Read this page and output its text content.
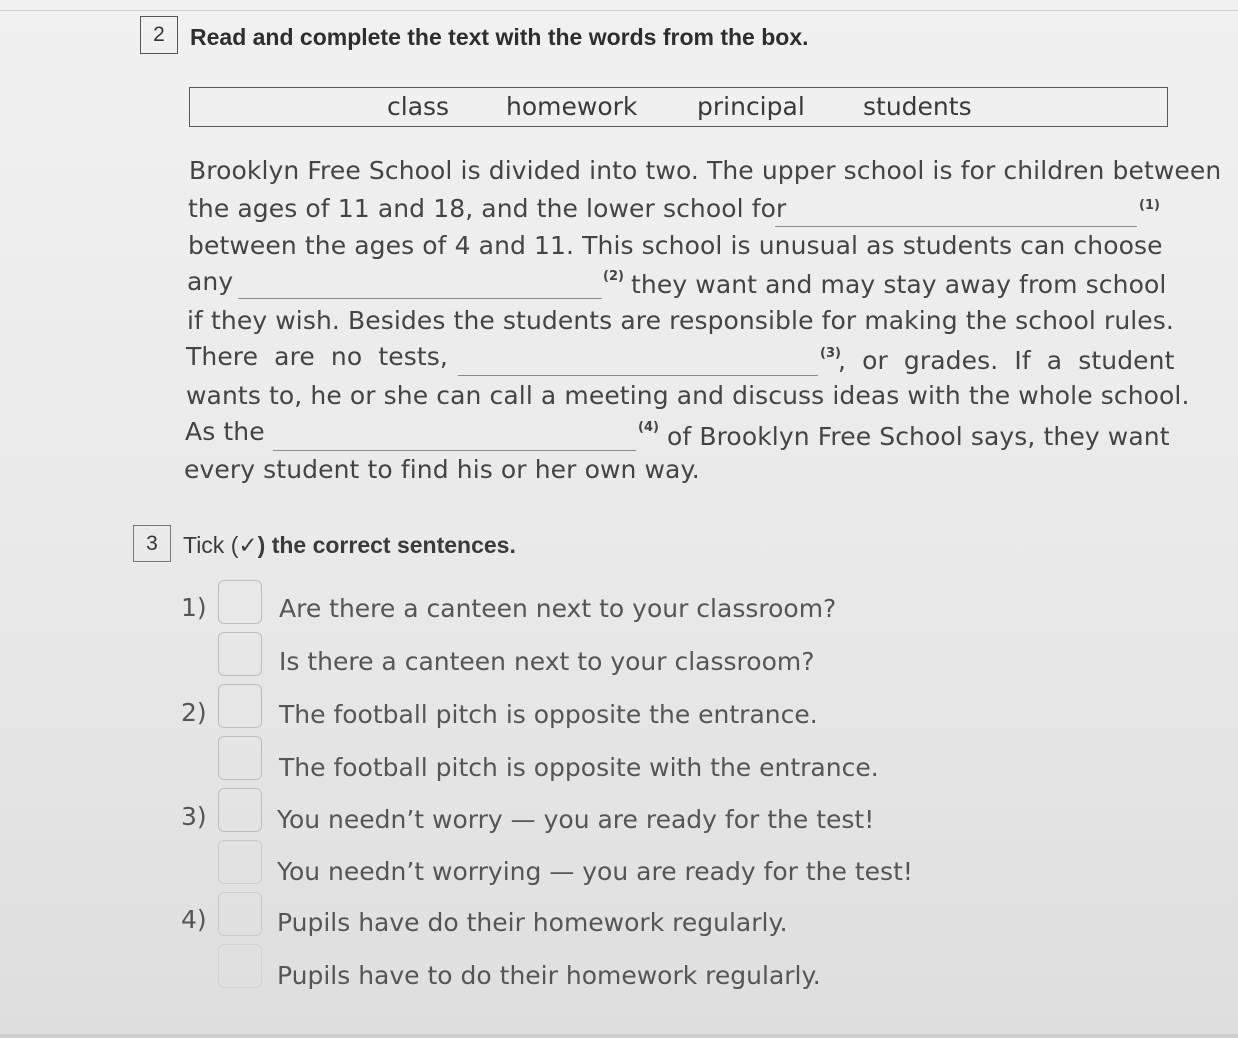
2	Read and complete the text with the words from the box.
class homework principal students
Brooklyn Free School is divided into two. The upper school is for children between
the ages of 11 and 18, and the lower school for	(1)
between the ages of 4 and 11. This school is unusual as students can choose
any	(2) they want and may stay away from school
if they wish. Besides the students are responsible for making the school rules.
There are no tests,	(3)
, or grades. If a student
wants to, he or she can call a meeting and discuss ideas with the whole school.
As the	(4) of Brooklyn Free School says, they want
every student to find his or her own way.
3	Tick (✓) the correct sentences.
1)
2)
3)
4)
Are there a canteen next to your classroom?
Is there a canteen next to your classroom?
The football pitch is opposite the entrance.
The football pitch is opposite with the entrance.
You needn’t worry — you are ready for the test!
You needn’t worrying — you are ready for the test!
Pupils have do their homework regularly.
Pupils have to do their homework regularly.
